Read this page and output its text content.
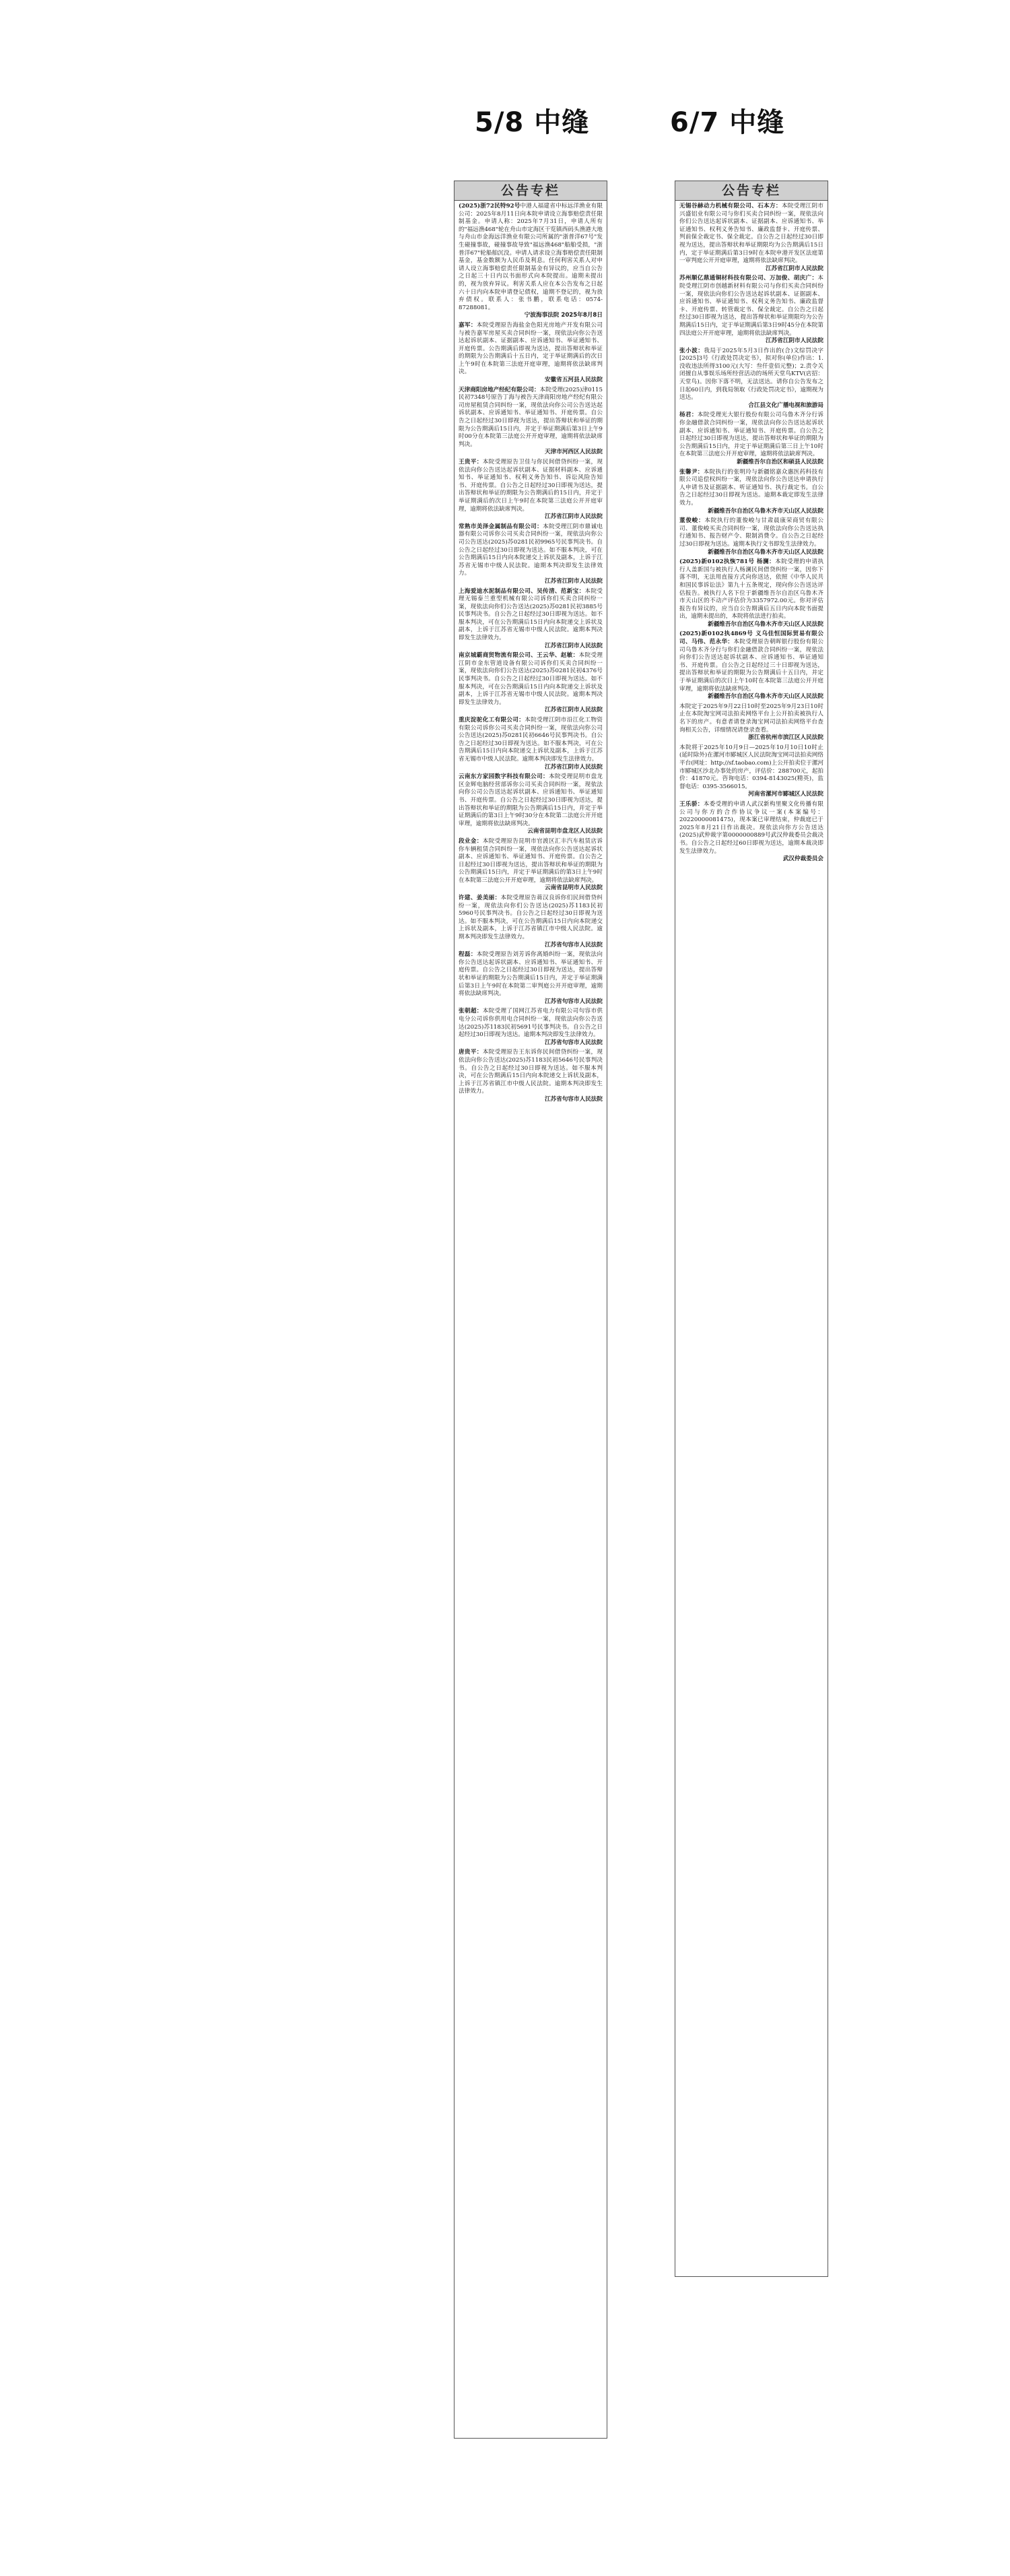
5/8 中缝	6/7 中缝
公告专栏

(2025)浙72民特92号中港人福建省中标远洋渔业有限公司：2025年8月11日向本院申请设立海事赔偿责任限制基金。申请人称：2025年7月31日，申请人所有的"福远渔468"轮在舟山市定海区干览镇西码头渔港大地与舟山市金海远洋渔业有限公司所属的"浙普洋67号"发生碰撞事故，碰撞事故导致"福远渔468"船舶受损，"浙普洋67"轮船舶沉没。申请人请求设立海事赔偿责任限制基金，基金数额为人民币及利息。任何利害关系人对申请人设立海事赔偿责任限制基金有异议的，应当自公告之日起三十日内以书面形式向本院提出。逾期未提出的，视为放弃异议。利害关系人应在本公告发布之日起六十日内向本院申请登记债权，逾期不登记的，视为放弃债权。联系人：张书鹏，联系电话：0574-87288081。
宁波海事法院 2025年8月8日

嘉军：本院受理原告海盐金色阳光房地产开发有限公司与被告嘉军房屋买卖合同纠纷一案，现依法向你公告送达起诉状副本、证据副本、应诉通知书、举证通知书、开庭传票。公告期满后即视为送达，提出答辩状和举证的期限为公告期满后十五日内，定于举证期满后的次日上午9时在本院第三法庭开庭审理，逾期将依法缺席判决。
安徽省五河县人民法院

天津商阳房地产经纪有限公司：本院受理(2025)津0115民初7348号原告丁海与被告天津商阳房地产经纪有限公司房屋租赁合同纠纷一案，现依法向你公司公告送达起诉状副本、应诉通知书、举证通知书、开庭传票。自公告之日起经过30日即视为送达，提出答辩状和举证的期限为公告期满后15日内，并定于举证期满后第3日上午9时00分在本院第三法庭公开开庭审理，逾期将依法缺席判决。
天津市河西区人民法院

王贵平：本院受理原告卫佳与你民间借贷纠纷一案，现依法向你公告送达起诉状副本、证据材料副本、应诉通知书、举证通知书、权利义务告知书、诉讼风险告知书、开庭传票。自公告之日起经过30日即视为送达，提出答辩状和举证的期限为公告期满后的15日内，并定于举证期满后的次日上午9时在本院第三法庭公开开庭审理，逾期将依法缺席判决。
江苏省江阴市人民法院

常熟市美泽金属制品有限公司：本院受理江阴市鼎诚电器有限公司诉你公司买卖合同纠纷一案，现依法向你公司公告送达(2025)苏0281民初9965号民事判决书。自公告之日起经过30日即视为送达。如不服本判决，可在公告期满后15日内向本院递交上诉状及副本，上诉于江苏省无锡市中级人民法院。逾期本判决即发生法律效力。
江苏省江阴市人民法院

上海爱迪水泥制品有限公司、吴传清、范新宝：本院受理无锡泰兰重型机械有限公司诉你们买卖合同纠纷一案，现依法向你们公告送达(2025)苏0281民初3885号民事判决书。自公告之日起经过30日即视为送达。如不服本判决，可在公告期满后15日内向本院递交上诉状及副本，上诉于江苏省无锡市中级人民法院。逾期本判决即发生法律效力。
江苏省江阴市人民法院

南京城霸商贸物流有限公司、王云华、赵敏：本院受理江阴市金东管道设备有限公司诉你们买卖合同纠纷一案，现依法向你们公告送达(2025)苏0281民初4376号民事判决书。自公告之日起经过30日即视为送达。如不服本判决，可在公告期满后15日内向本院递交上诉状及副本，上诉于江苏省无锡市中级人民法院。逾期本判决即发生法律效力。
江苏省江阴市人民法院

重庆淀驼化工有限公司：本院受理江阴市沿江化工物资有限公司诉你公司买卖合同纠纷一案，现依法向你公司公告送达(2025)苏0281民初6646号民事判决书。自公告之日起经过30日即视为送达。如不服本判决，可在公告期满后15日内向本院递交上诉状及副本，上诉于江苏省无锡市中级人民法院。逾期本判决即发生法律效力。
江苏省江阴市人民法院

云南东方家园数字科技有限公司：本院受理昆明市盘龙区金辉电脑经营部诉你公司买卖合同纠纷一案，现依法向你公司公告送达起诉状副本、应诉通知书、举证通知书、开庭传票。自公告之日起经过30日即视为送达，提出答辩状和举证的期限为公告期满后15日内，并定于举证期满后的第3日上午9时30分在本院第二法庭公开开庭审理，逾期将依法缺席判决。
云南省昆明市盘龙区人民法院

段业金：本院受理原告昆明市官渡区汇丰汽车租赁店诉你车辆租赁合同纠纷一案，现依法向你公告送达起诉状副本、应诉通知书、举证通知书、开庭传票。自公告之日起经过30日即视为送达，提出答辩状和举证的期限为公告期满后15日内，并定于举证期满后的第3日上午9时在本院第三法庭公开开庭审理，逾期将依法缺席判决。
云南省昆明市人民法院

许建、姜美丽：本院受理原告蒋汉良诉你们民间借贷纠纷一案，现依法向你们公告送达(2025)苏1183民初5960号民事判决书。自公告之日起经过30日即视为送达。如不服本判决，可在公告期满后15日内向本院递交上诉状及副本，上诉于江苏省镇江市中级人民法院。逾期本判决即发生法律效力。
江苏省句容市人民法院

程磊：本院受理原告刘芳诉你离婚纠纷一案，现依法向你公告送达起诉状副本、应诉通知书、举证通知书、开庭传票。自公告之日起经过30日即视为送达，提出答辩状和举证的期限为公告期满后15日内，并定于举证期满后第3日上午9时在本院第二审判庭公开开庭审理，逾期将依法缺席判决。
江苏省句容市人民法院

张朝超：本院受理了国网江苏省电力有限公司句容市供电分公司诉你供用电合同纠纷一案，现依法向你公告送达(2025)苏1183民初5691号民事判决书。自公告之日起经过30日即视为送达。逾期本判决即发生法律效力。
江苏省句容市人民法院

唐贵平：本院受理原告王东诉你民间借贷纠纷一案，现依法向你公告送达(2025)苏1183民初5646号民事判决书。自公告之日起经过30日即视为送达。如不服本判决，可在公告期满后15日内向本院递交上诉状及副本，上诉于江苏省镇江市中级人民法院。逾期本判决即发生法律效力。
江苏省句容市人民法院

公告专栏

无锡谷赫动力机械有限公司、石本方：本院受理江阴市兴盛铝业有限公司与你们买卖合同纠纷一案，现依法向你们公告送达起诉状副本、证据副本、应诉通知书、举证通知书、权利义务告知书、廉政监督卡、开庭传票、判前保全裁定书、保全裁定。自公告之日起经过30日即视为送达，提出答辩状和举证期限均为公告期满后15日内，定于举证期满后第3日9时在本院申港开发区法庭第一审判庭公开开庭审理，逾期将依法缺席判决。
江苏省江阴市人民法院

苏州顺亿鼎通铜材科技有限公司、万加俊、胡庆广：本院受理江阴市创越新材料有限公司与你们买卖合同纠纷一案，现依法向你们公告送达起诉状副本、证据副本、应诉通知书、举证通知书、权利义务告知书、廉政监督卡、开庭传票、转管裁定书、保全裁定。自公告之日起经过30日即视为送达，提出答辩状和举证期限均为公告期满后15日内，定于举证期满后第3日9时45分在本院第四法庭公开开庭审理，逾期将依法缺席判决。
江苏省江阴市人民法院

张小波：我局于2025年5月3日作出的(合)文综罚决字[2025]3号《行政处罚决定书》，拟对你(单位)作出：1.没收违法所得3100元(大写：叁仟壹佰元整)；2.责令关闭擅自从事娱乐场所经营活动的场所天堂鸟KTV(店招：天堂鸟)。因你下落不明，无法送达。请你自公告发布之日起60日内，到我局领取《行政处罚决定书》，逾期视为送达。
合江县文化广播电视和旅游局

杨君：本院受理光大银行股份有限公司乌鲁木齐分行诉你金融借款合同纠纷一案，现依法向你公告送达起诉状副本、应诉通知书、举证通知书、开庭传票。自公告之日起经过30日即视为送达，提出答辩状和举证的期限为公告期满后15日内，并定于举证期满后第三日上午10时在本院第三法庭公开开庭审理，逾期将依法缺席判决。
新疆维吾尔自治区和硕县人民法院

张馨尹：本院执行的张明玲与新疆铭嘉众惠医药科技有限公司追偿权纠纷一案，现依法向你公告送达申请执行人申请书及证据副本、听证通知书、执行裁定书。自公告之日起经过30日即视为送达。逾期本裁定即发生法律效力。
新疆维吾尔自治区乌鲁木齐市天山区人民法院

董俊峻：本院执行的董俊峻与甘肃晨康荣商贸有限公司、董俊峻买卖合同纠纷一案，现依法向你公告送达执行通知书、报告财产令、限制消费令。自公告之日起经过30日即视为送达。逾期本执行文书即发生法律效力。
新疆维吾尔自治区乌鲁木齐市天山区人民法院

(2025)新0102执恢781号 杨澜：本院受理的申请执行人盖新国与被执行人杨澜民间借贷纠纷一案，因你下落不明，无法用直接方式向你送达，依照《中华人民共和国民事诉讼法》第九十五条规定，现向你公告送达评估报告。被执行人名下位于新疆维吾尔自治区乌鲁木齐市天山区的不动产评估价为3357972.00元。你对评估报告有异议的，应当自公告期满后五日内向本院书面提出，逾期未提出的，本院将依法进行拍卖。
新疆维吾尔自治区乌鲁木齐市天山区人民法院

(2025)新0102执4869号 义乌佳恒国际贸易有限公司、马伟、范永华：本院受理原告朝晖银行股份有限公司乌鲁木齐分行与你们金融借款合同纠纷一案，现依法向你们公告送达起诉状副本、应诉通知书、举证通知书、开庭传票。自公告之日起经过三十日即视为送达，提出答辩状和举证的期限为公告期满后十五日内，并定于举证期满后的次日上午10时在本院第三法庭公开开庭审理，逾期将依法缺席判决。
新疆维吾尔自治区乌鲁木齐市天山区人民法院

本院定于2025年9月22日10时至2025年9月23日10时止在本院淘宝网司法拍卖网络平台上公开拍卖被执行人名下的房产。有意者请登录淘宝网司法拍卖网络平台查询相关公告，详细情况请登录查看。
浙江省杭州市滨江区人民法院

本院将于2025年10月9日—2025年10月10日10时止(延时除外)在漯河市郾城区人民法院淘宝网司法拍卖网络平台(网址：http://sf.taobao.com)上公开拍卖位于漯河市郾城区沙北办事处的房产，评估价：288700元，起拍价：41870元。咨询电话：0394-8143025(精英)，监督电话：0395-3566015。
河南省漯河市郾城区人民法院

王乐骄：本委受理的申请人武汉新构里聚文化传播有限公司与你方的合作协议争议一案(本案编号：20220000081475)，现本案已审理结束，仲裁庭已于2025年8月21日作出裁决。现依法向你方公告送达(2025)武仲裁字第0000000889号武汉仲裁委员会裁决书。自公告之日起经过60日即视为送达，逾期本裁决即发生法律效力。
武汉仲裁委员会
